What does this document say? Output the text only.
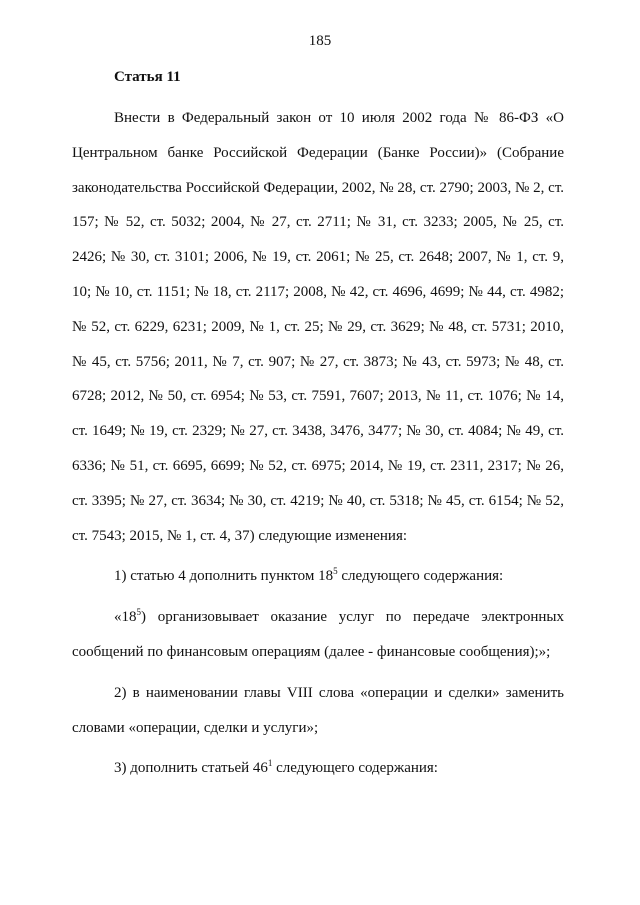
185
Статья 11

Внести в Федеральный закон от 10 июля 2002 года № 86-ФЗ «О Центральном банке Российской Федерации (Банке России)» (Собрание законодательства Российской Федерации, 2002, № 28, ст. 2790; 2003, № 2, ст. 157; № 52, ст. 5032; 2004, № 27, ст. 2711; № 31, ст. 3233; 2005, № 25, ст. 2426; № 30, ст. 3101; 2006, № 19, ст. 2061; № 25, ст. 2648; 2007, № 1, ст. 9, 10; № 10, ст. 1151; № 18, ст. 2117; 2008, № 42, ст. 4696, 4699; № 44, ст. 4982; № 52, ст. 6229, 6231; 2009, № 1, ст. 25; № 29, ст. 3629; № 48, ст. 5731; 2010, № 45, ст. 5756; 2011, № 7, ст. 907; № 27, ст. 3873; № 43, ст. 5973; № 48, ст. 6728; 2012, № 50, ст. 6954; № 53, ст. 7591, 7607; 2013, № 11, ст. 1076; № 14, ст. 1649; № 19, ст. 2329; № 27, ст. 3438, 3476, 3477; № 30, ст. 4084; № 49, ст. 6336; № 51, ст. 6695, 6699; № 52, ст. 6975; 2014, № 19, ст. 2311, 2317; № 26, ст. 3395; № 27, ст. 3634; № 30, ст. 4219; № 40, ст. 5318; № 45, ст. 6154; № 52, ст. 7543; 2015, № 1, ст. 4, 37) следующие изменения:

1) статью 4 дополнить пунктом $18^5$ следующего содержания:

«$18^5$) организовывает оказание услуг по передаче электронных сообщений по финансовым операциям (далее - финансовые сообщения);»;

2) в наименовании главы VIII слова «операции и сделки» заменить словами «операции, сделки и услуги»;

3) дополнить статьей $46^1$ следующего содержания:
